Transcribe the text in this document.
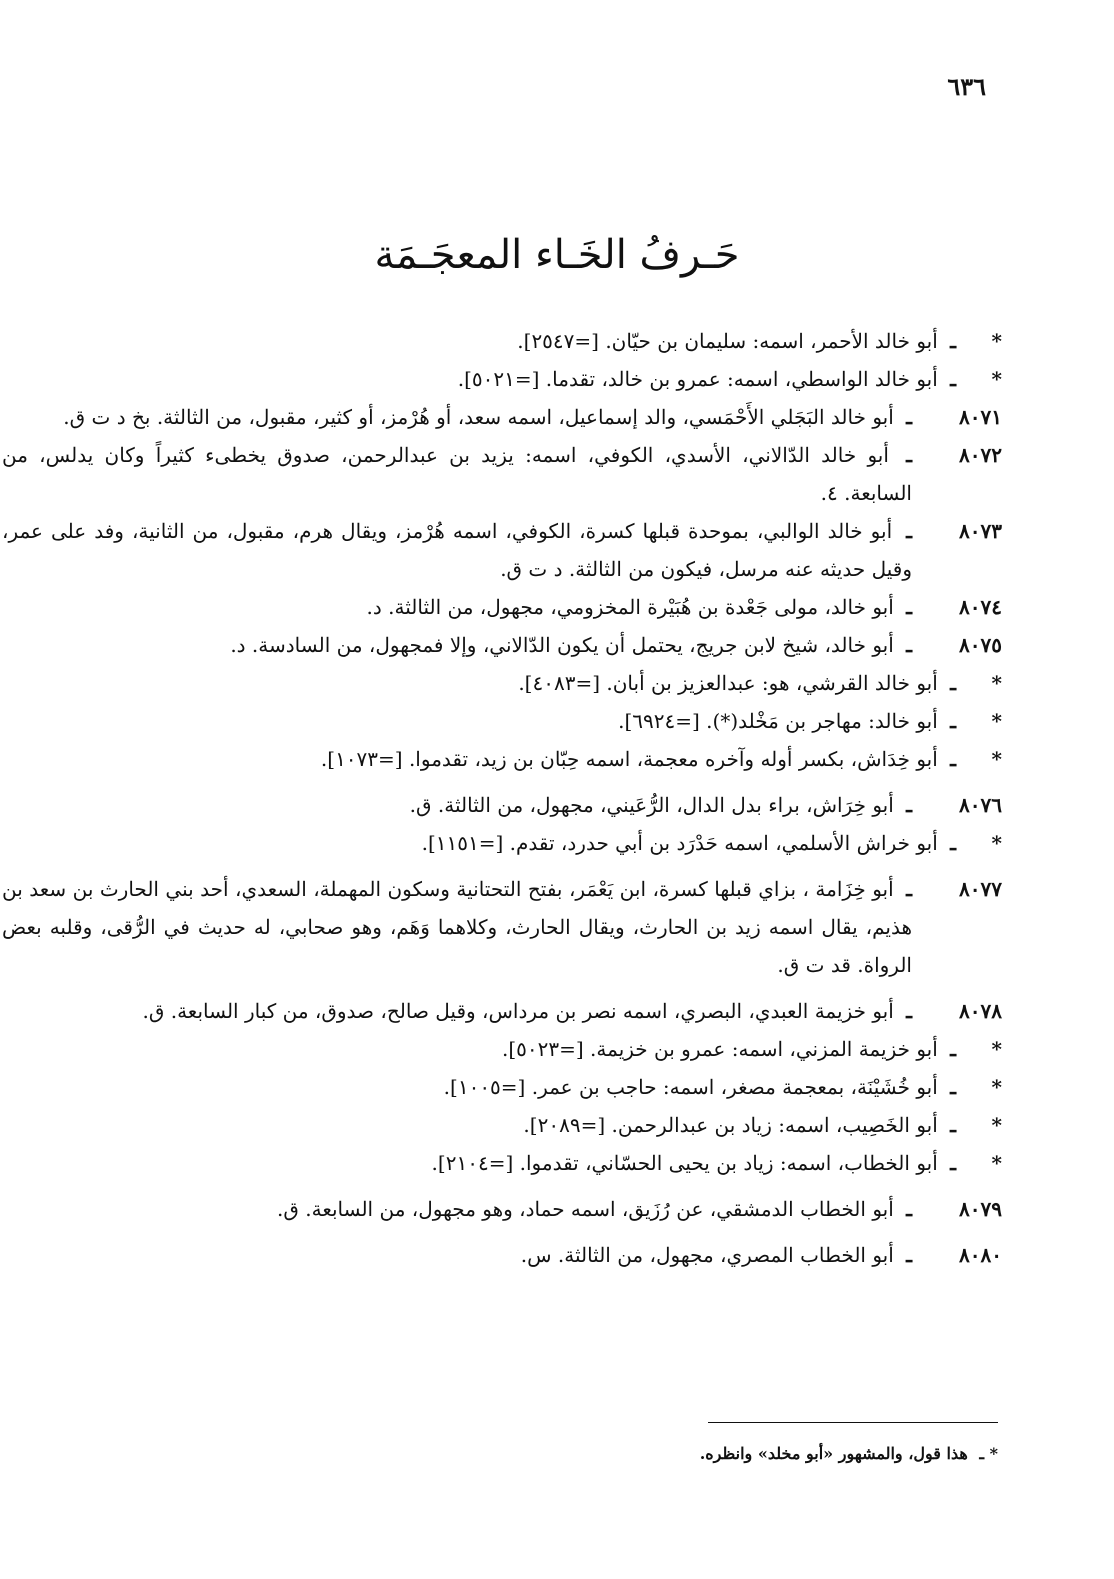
٦٣٦
حَـرفُ الخَـاء المعجَـمَة
*
ـ أبو خالد الأحمر، اسمه: سليمان بن حيّان. [=٢٥٤٧].
*
ـ أبو خالد الواسطي، اسمه: عمرو بن خالد، تقدما. [=٥٠٢١].
٨٠٧١
ـ أبو خالد البَجَلي الأَحْمَسي، والد إسماعيل، اسمه سعد، أو هُرْمز، أو كثير، مقبول، من الثالثة. بخ د ت ق.
٨٠٧٢
ـ أبو خالد الدّالاني، الأسدي، الكوفي، اسمه: يزيد بن عبدالرحمن، صدوق يخطىء كثيراً وكان يدلس، من السابعة. ٤.
٨٠٧٣
ـ أبو خالد الوالبي، بموحدة قبلها كسرة، الكوفي، اسمه هُرْمز، ويقال هرم، مقبول، من الثانية، وفد على عمر، وقيل حديثه عنه مرسل، فيكون من الثالثة. د ت ق.
٨٠٧٤
ـ أبو خالد، مولى جَعْدة بن هُبَيْرة المخزومي، مجهول، من الثالثة. د.
٨٠٧٥
ـ أبو خالد، شيخ لابن جريج، يحتمل أن يكون الدّالاني، وإلا فمجهول، من السادسة. د.
*
ـ أبو خالد القرشي، هو: عبدالعزيز بن أبان. [=٤٠٨٣].
*
ـ أبو خالد: مهاجر بن مَخْلد(*). [=٦٩٢٤].
*
ـ أبو خِدَاش، بكسر أوله وآخره معجمة، اسمه حِبّان بن زيد، تقدموا. [=١٠٧٣].
٨٠٧٦
ـ أبو خِرَاش، براء بدل الدال، الرُّعَيني، مجهول، من الثالثة. ق.
*
ـ أبو خراش الأسلمي، اسمه حَدْرَد بن أبي حدرد، تقدم. [=١١٥١].
٨٠٧٧
ـ أبو خِزَامة ، بزاي قبلها كسرة، ابن يَعْمَر، بفتح التحتانية وسكون المهملة، السعدي، أحد بني الحارث بن سعد بن هذيم، يقال اسمه زيد بن الحارث، ويقال الحارث، وكلاهما وَهَم، وهو صحابي، له حديث في الرُّقى، وقلبه بعض الرواة. قد ت ق.
٨٠٧٨
ـ أبو خزيمة العبدي، البصري، اسمه نصر بن مرداس، وقيل صالح، صدوق، من كبار السابعة. ق.
*
ـ أبو خزيمة المزني، اسمه: عمرو بن خزيمة. [=٥٠٢٣].
*
ـ أبو خُشَيْنَة، بمعجمة مصغر، اسمه: حاجب بن عمر. [=١٠٠٥].
*
ـ أبو الخَصِيب، اسمه: زياد بن عبدالرحمن. [=٢٠٨٩].
*
ـ أبو الخطاب، اسمه: زياد بن يحيى الحسّاني، تقدموا. [=٢١٠٤].
٨٠٧٩
ـ أبو الخطاب الدمشقي، عن رُزَيق، اسمه حماد، وهو مجهول، من السابعة. ق.
٨٠٨٠
ـ أبو الخطاب المصري، مجهول، من الثالثة. س.
* ـ هذا قول، والمشهور «أبو مخلد» وانظره.
